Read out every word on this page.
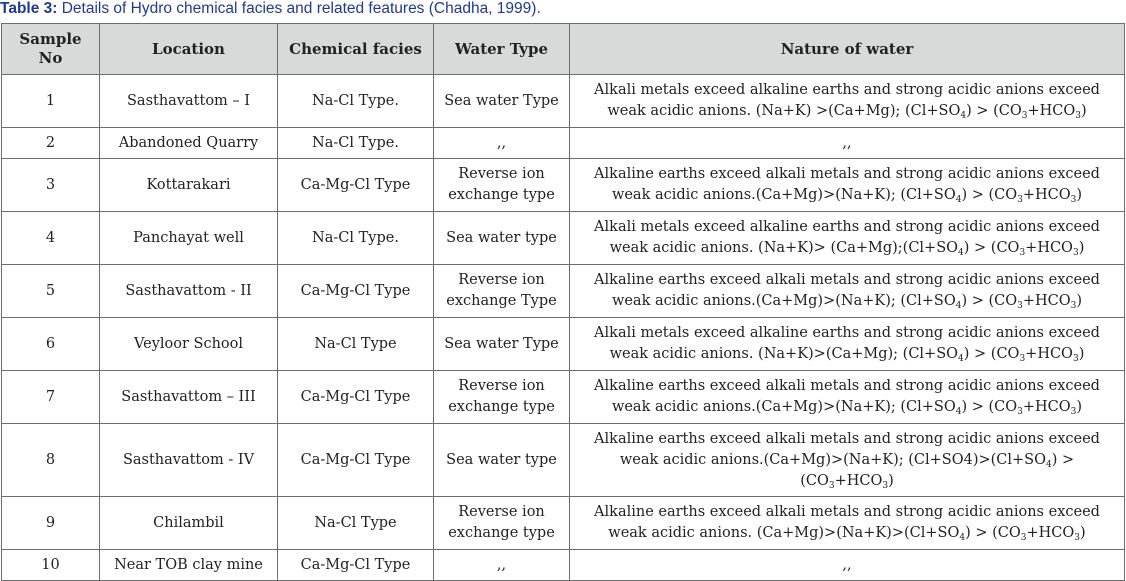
Table 3: Details of Hydro chemical facies and related features (Chadha, 1999).
Sample No	Location	Chemical facies	Water Type	Nature of water
1	Sasthavattom – I	Na-Cl Type.	Sea water Type	Alkali metals exceed alkaline earths and strong acidic anions exceed weak acidic anions. (Na+K) >(Ca+Mg); $(Cl+SO_4) > (CO_3+HCO_3)$
2	Abandoned Quarry	Na-Cl Type.	,,	,,
3	Kottarakari	Ca-Mg-Cl Type	Reverse ion exchange type	Alkaline earths exceed alkali metals and strong acidic anions exceed weak acidic anions.(Ca+Mg)>(Na+K); $(Cl+SO_4) > (CO_3+HCO_3)$
4	Panchayat well	Na-Cl Type.	Sea water type	Alkali metals exceed alkaline earths and strong acidic anions exceed weak acidic anions. $(Na+K)> (Ca+Mg);(Cl+SO_4) > (CO_3+HCO_3)$
5	Sasthavattom - II	Ca-Mg-Cl Type	Reverse ion exchange Type	Alkaline earths exceed alkali metals and strong acidic anions exceed weak acidic anions.(Ca+Mg)>(Na+K); $(Cl+SO_4) > (CO_3+HCO_3)$
6	Veyloor School	Na-Cl Type	Sea water Type	Alkali metals exceed alkaline earths and strong acidic anions exceed weak acidic anions. (Na+K)>(Ca+Mg); $(Cl+SO_4) > (CO_3+HCO_3)$
7	Sasthavattom – III	Ca-Mg-Cl Type	Reverse ion exchange type	Alkaline earths exceed alkali metals and strong acidic anions exceed weak acidic anions.(Ca+Mg)>(Na+K); $(Cl+SO_4) > (CO_3+HCO_3)$
8	Sasthavattom - IV	Ca-Mg-Cl Type	Sea water type	Alkaline earths exceed alkali metals and strong acidic anions exceed weak acidic anions.(Ca+Mg)>(Na+K); $(Cl+SO4)>(Cl+SO_4) > (CO_3+HCO_3)$
9	Chilambil	Na-Cl Type	Reverse ion exchange type	Alkaline earths exceed alkali metals and strong acidic anions exceed weak acidic anions. $(Ca+Mg)>(Na+K)>(Cl+SO_4) > (CO_3+HCO_3)$
10	Near TOB clay mine	Ca-Mg-Cl Type	,,	,,
